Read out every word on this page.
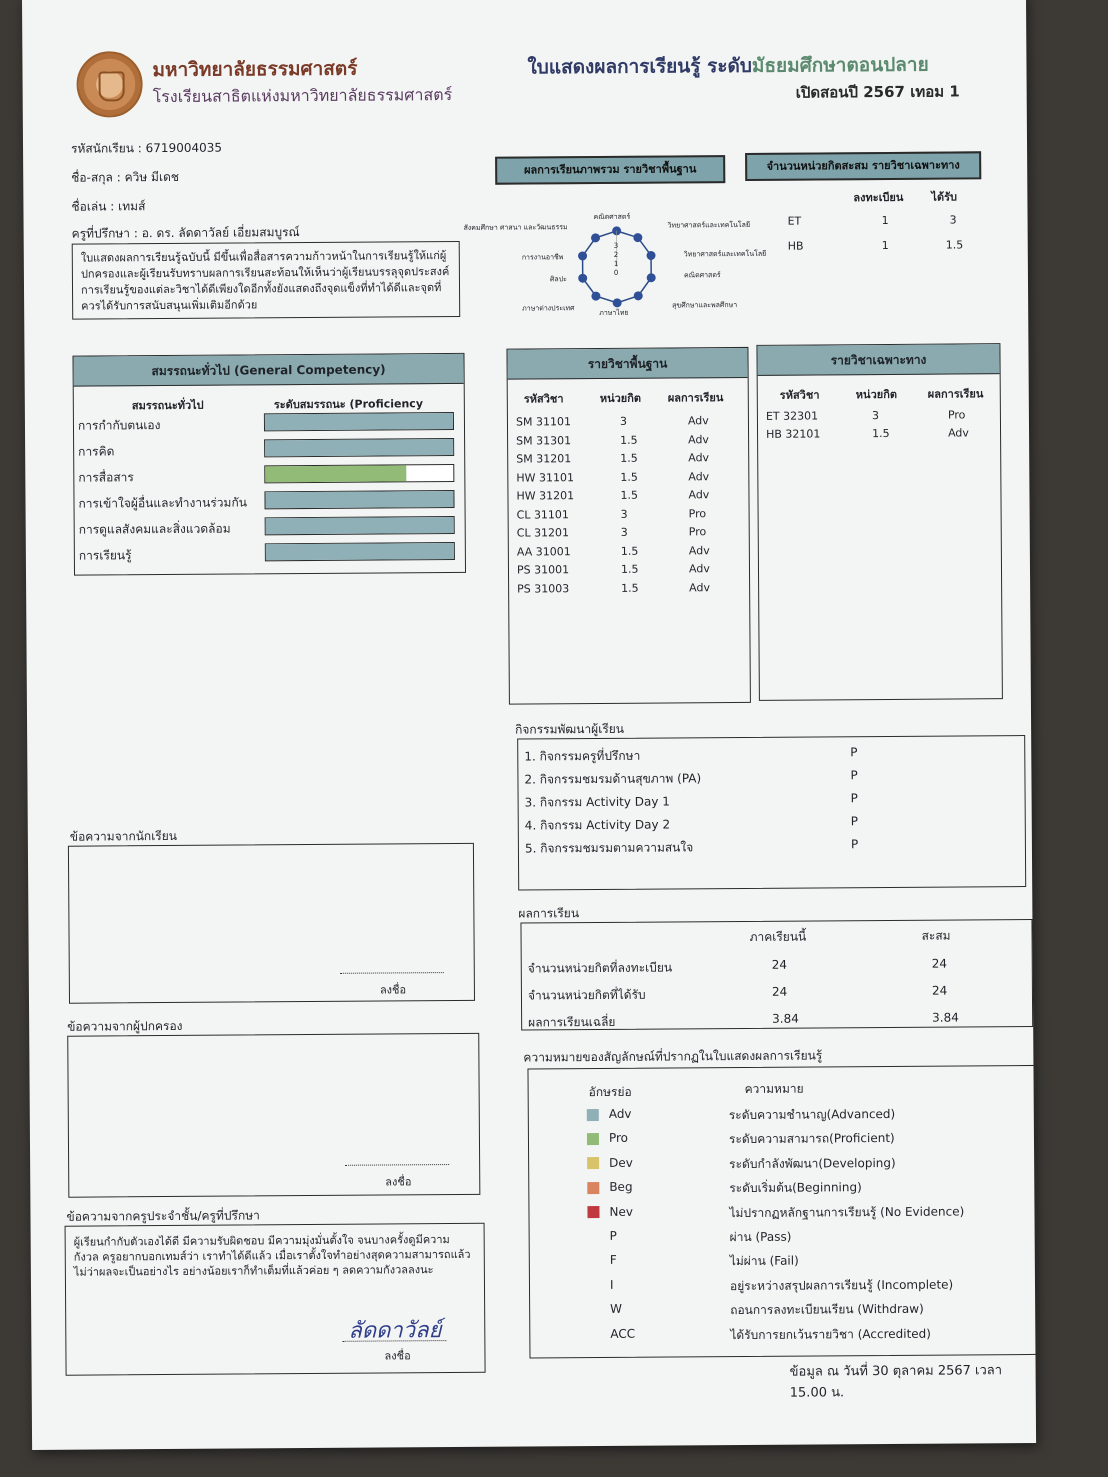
มหาวิทยาลัยธรรมศาสตร์
โรงเรียนสาธิตแห่งมหาวิทยาลัยธรรมศาสตร์
ใบแสดงผลการเรียนรู้ ระดับมัธยมศึกษาตอนปลาย
เปิดสอนปี 2567 เทอม 1
รหัสนักเรียน : 6719004035
ชื่อ-สกุล : ควิษ มีเดช
ชื่อเล่น : เทมส์
ครูที่ปรึกษา : อ. ดร. ลัดดาวัลย์ เอี่ยมสมบูรณ์
ใบแสดงผลการเรียนรู้ฉบับนี้ มีขึ้นเพื่อสื่อสารความก้าวหน้าในการเรียนรู้ให้แก่ผู้ปกครองและผู้เรียนรับทราบผลการเรียนสะท้อนให้เห็นว่าผู้เรียนบรรลุจุดประสงค์การเรียนรู้ของแต่ละวิชาได้ดีเพียงใดอีกทั้งยังแสดงถึงจุดแข็งที่ทำได้ดีและจุดที่ควรได้รับการสนับสนุนเพิ่มเติมอีกด้วย
ผลการเรียนภาพรวม รายวิชาพื้นฐาน
คณิตศาสตร์
วิทยาศาสตร์และเทคโนโลยี
วิทยาศาสตร์และเทคโนโลยี
คณิตศาสตร์
สุขศึกษาและพลศึกษา
ภาษาไทย
ภาษาต่างประเทศ
ศิลปะ
การงานอาชีพ
สังคมศึกษา ศาสนา และวัฒนธรรม
3
2
1
0
จำนวนหน่วยกิตสะสม รายวิชาเฉพาะทาง
ลงทะเบียน	ได้รับ
ET	1	3
HB	1	1.5
สมรรถนะทั่วไป (General Competency)
สมรรถนะทั่วไป	ระดับสมรรถนะ (Proficiency
การกำกับตนเอง
การคิด
การสื่อสาร
การเข้าใจผู้อื่นและทำงานร่วมกัน
การดูแลสังคมและสิ่งแวดล้อม
การเรียนรู้
รายวิชาพื้นฐาน
รหัสวิชา	หน่วยกิต ผลการเรียน
SM 31101	3	Adv
SM 31301	1.5	Adv
SM 31201	1.5	Adv
HW 31101	1.5	Adv
HW 31201	1.5	Adv
CL 31101	3	Pro
CL 31201	3	Pro
AA 31001	1.5	Adv
PS 31001	1.5	Adv
PS 31003	1.5	Adv
รายวิชาเฉพาะทาง
รหัสวิชา	หน่วยกิต	ผลการเรียน
ET 32301	3	Pro
HB 32101	1.5	Adv
กิจกรรมพัฒนาผู้เรียน
1. กิจกรรมครูที่ปรึกษา	P
2. กิจกรรมชมรมด้านสุขภาพ (PA)	P
3. กิจกรรม Activity Day 1	P
4. กิจกรรม Activity Day 2	P
5. กิจกรรมชมรมตามความสนใจ	P
ผลการเรียน
ภาคเรียนนี้	สะสม
จำนวนหน่วยกิตที่ลงทะเบียน	24	24
จำนวนหน่วยกิตที่ได้รับ	24	24
ผลการเรียนเฉลี่ย	3.84	3.84
ความหมายของสัญลักษณ์ที่ปรากฏในใบแสดงผลการเรียนรู้
อักษรย่อ	ความหมาย
Adv	ระดับความชำนาญ(Advanced)
Pro	ระดับความสามารถ(Proficient)
Dev	ระดับกำลังพัฒนา(Developing)
Beg	ระดับเริ่มต้น(Beginning)
Nev	ไม่ปรากฏหลักฐานการเรียนรู้ (No Evidence)
P	ผ่าน (Pass)
F	ไม่ผ่าน (Fail)
I	อยู่ระหว่างสรุปผลการเรียนรู้ (Incomplete)
W	ถอนการลงทะเบียนเรียน (Withdraw)
ACC	ได้รับการยกเว้นรายวิชา (Accredited)
ข้อความจากนักเรียน
ลงชื่อ
ข้อความจากผู้ปกครอง
ลงชื่อ
ข้อความจากครูประจำชั้น/ครูที่ปรึกษา
ผู้เรียนกำกับตัวเองได้ดี มีความรับผิดชอบ มีความมุ่งมั่นตั้งใจ จนบางครั้งดูมีความกังวล ครูอยากบอกเทมส์ว่า เราทำได้ดีแล้ว เมื่อเราตั้งใจทำอย่างสุดความสามารถแล้ว ไม่ว่าผลจะเป็นอย่างไร อย่างน้อยเราก็ทำเต็มที่แล้วค่อย ๆ ลดความกังวลลงนะ
ลัดดาวัลย์
ลงชื่อ
ข้อมูล ณ วันที่ 30 ตุลาคม 2567 เวลา 15.00 น.
